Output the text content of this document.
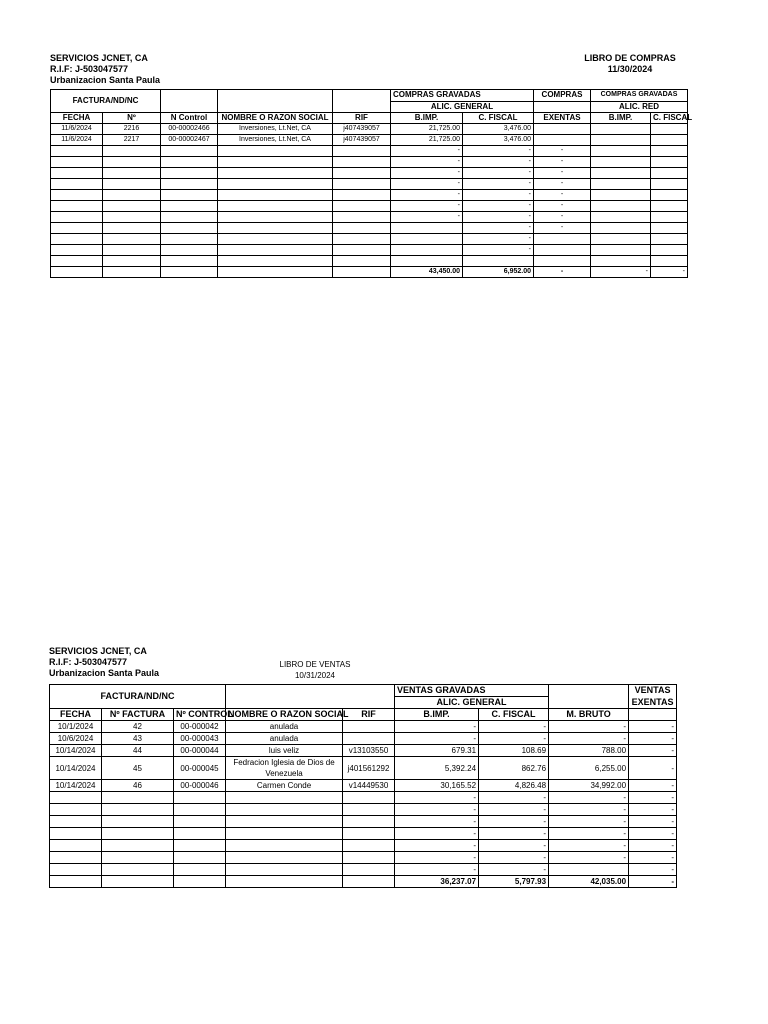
SERVICIOS JCNET, CA
R.I.F: J-503047577
Urbanizacion Santa Paula
LIBRO DE COMPRAS
11/30/2024
FACTURA/ND/NC					COMPRAS GRAVADAS		COMPRAS	COMPRAS GRAVADAS	
					ALIC. GENERAL			ALIC. RED	
FECHA	Nº	N Control	NOMBRE O RAZON SOCIAL	RIF	B.IMP.	C. FISCAL	EXENTAS	B.IMP.	C. FISCAL
11/6/2024	2216	00-00002466	Inversiones, Lt.Net, CA	j407439057	21,725.00	3,476.00			
11/6/2024	2217	00-00002467	Inversiones, Lt.Net, CA	j407439057	21,725.00	3,476.00			
					-	-	-		
					-	-	-		
					-	-	-		
					-	-	-		
					-	-	-		
					-	-	-		
					-	-	-		
						-	-		
						-			
						-			

					43,450.00	6,952.00	-	-	-
SERVICIOS JCNET, CA
R.I.F: J-503047577
Urbanizacion Santa Paula
LIBRO DE VENTAS
10/31/2024
FACTURA/ND/NC					VENTAS GRAVADAS			VENTAS
					ALIC. GENERAL			EXENTAS
FECHA	Nº FACTURA	Nº CONTROL	NOMBRE O RAZON SOCIAL	RIF	B.IMP.	C. FISCAL	M. BRUTO	
10/1/2024	42	00-000042	anulada		-	-	-	-
10/6/2024	43	00-000043	anulada		-	-	-	-
10/14/2024	44	00-000044	luis veliz	v13103550	679.31	108.69	788.00	-
10/14/2024	45	00-000045	Fedracion Iglesia de Dios de Venezuela	j401561292	5,392.24	862.76	6,255.00	-
10/14/2024	46	00-000046	Carmen Conde	v14449530	30,165.52	4,826.48	34,992.00	-
					-	-	-	-
					-	-	-	-
					-	-	-	-
					-	-	-	-
					-	-	-	-
					-	-	-	-
					-	-		-
					36,237.07	5,797.93	42,035.00	-
